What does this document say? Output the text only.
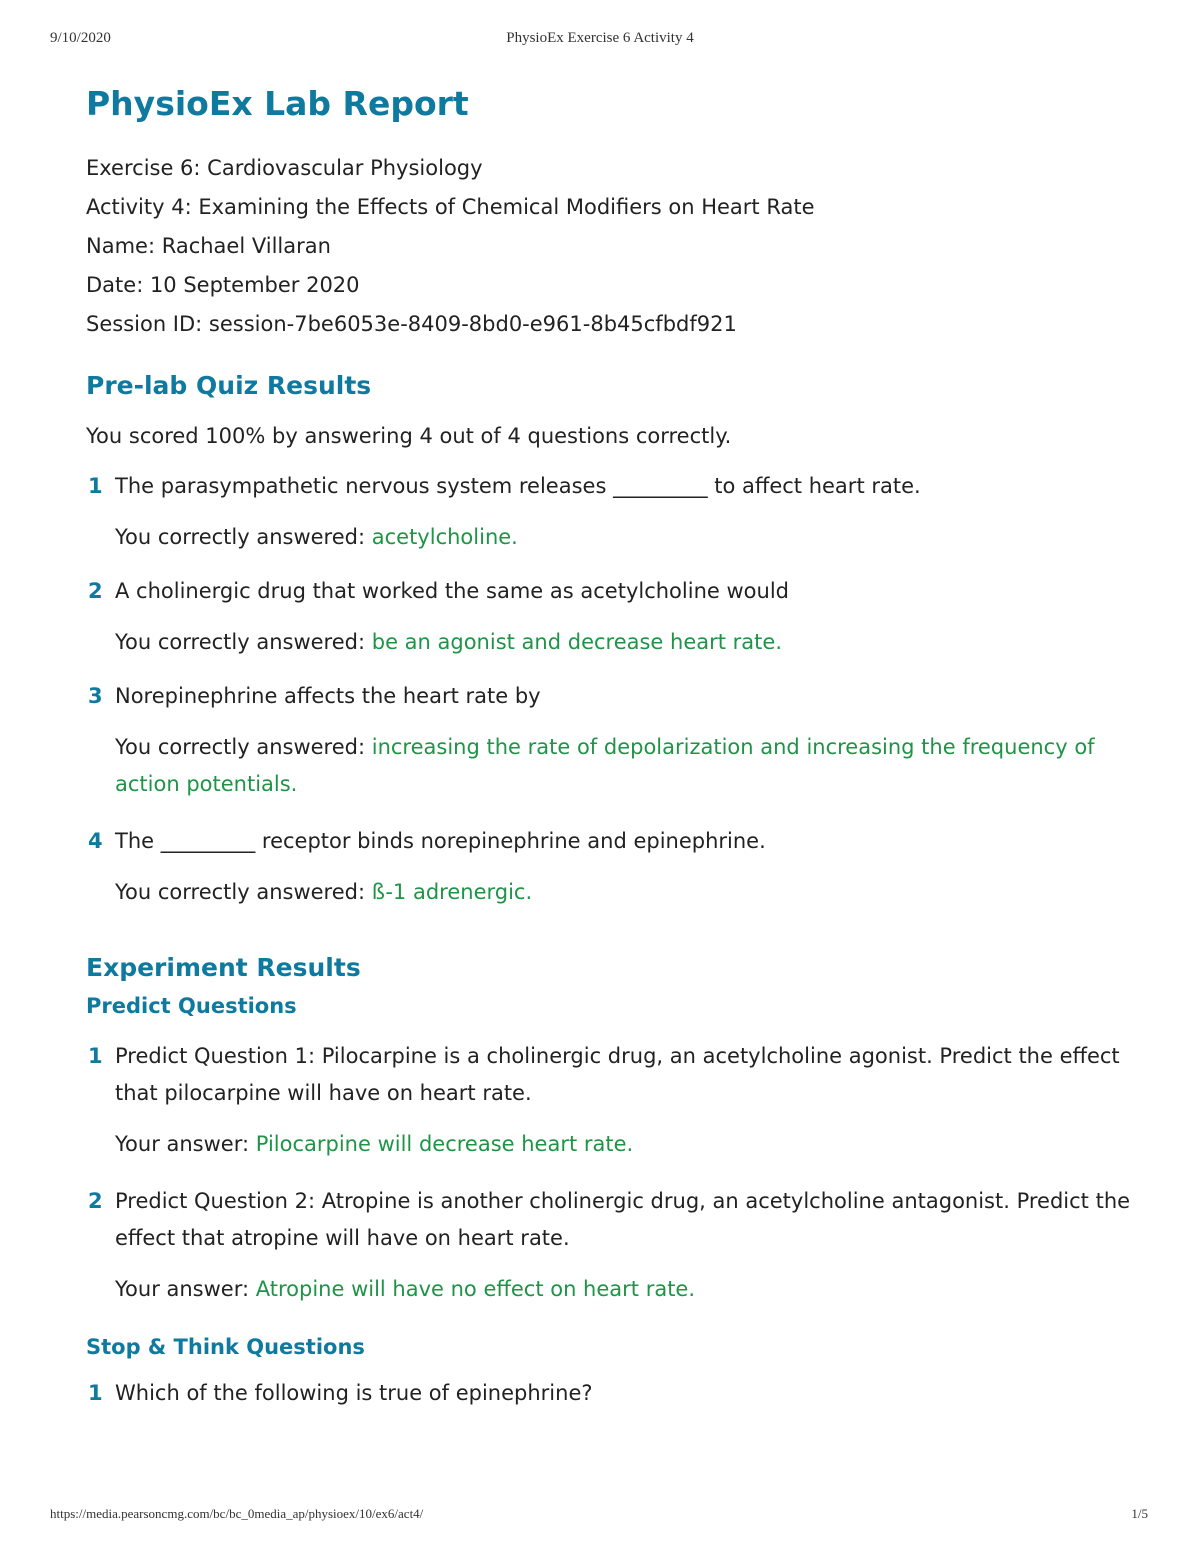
9/10/2020	PhysioEx Exercise 6 Activity 4
PhysioEx Lab Report
Exercise 6: Cardiovascular Physiology
Activity 4: Examining the Effects of Chemical Modifiers on Heart Rate
Name: Rachael Villaran
Date: 10 September 2020
Session ID: session-7be6053e-8409-8bd0-e961-8b45cfbdf921
Pre-lab Quiz Results
You scored 100% by answering 4 out of 4 questions correctly.
1 The parasympathetic nervous system releases _________ to affect heart rate.
You correctly answered: acetylcholine.
2 A cholinergic drug that worked the same as acetylcholine would
You correctly answered: be an agonist and decrease heart rate.
3 Norepinephrine affects the heart rate by
You correctly answered: increasing the rate of depolarization and increasing the frequency of action potentials.
4 The _________ receptor binds norepinephrine and epinephrine.
You correctly answered: ß-1 adrenergic.
Experiment Results
Predict Questions
1 Predict Question 1: Pilocarpine is a cholinergic drug, an acetylcholine agonist. Predict the effect that pilocarpine will have on heart rate.
Your answer: Pilocarpine will decrease heart rate.
2 Predict Question 2: Atropine is another cholinergic drug, an acetylcholine antagonist. Predict the effect that atropine will have on heart rate.
Your answer: Atropine will have no effect on heart rate.
Stop & Think Questions
1 Which of the following is true of epinephrine?
https://media.pearsoncmg.com/bc/bc_0media_ap/physioex/10/ex6/act4/	1/5
